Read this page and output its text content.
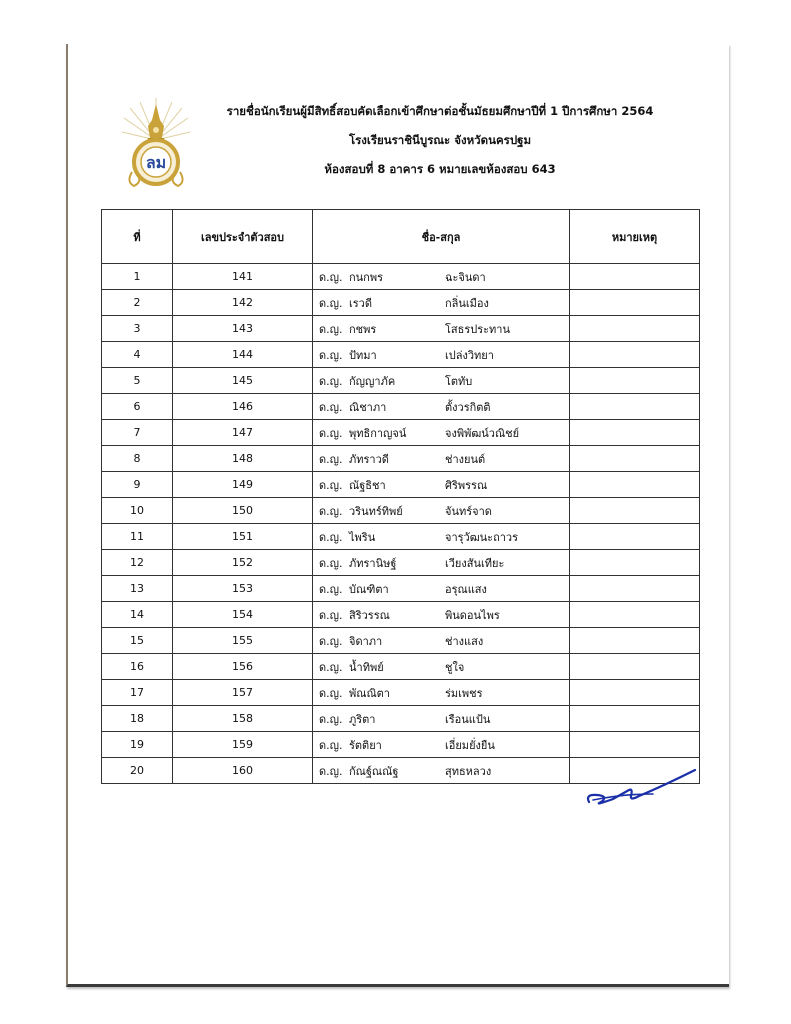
ลม
รายชื่อนักเรียนผู้มีสิทธิ์สอบคัดเลือกเข้าศึกษาต่อชั้นมัธยมศึกษาปีที่ 1 ปีการศึกษา 2564
โรงเรียนราชินีบูรณะ จังหวัดนครปฐม
ห้องสอบที่ 8 อาคาร 6 หมายเลขห้องสอบ 643
ที่	เลขประจำตัวสอบ	ชื่อ-สกุล	หมายเหตุ
1	141	ด.ญ. กนกพร ฉะจินดา	
2	142	ด.ญ. เรวดี กลิ่นเมือง	
3	143	ด.ญ. กชพร โสธรประทาน	
4	144	ด.ญ. ปัทมา เปล่งวิทยา	
5	145	ด.ญ. กัญญาภัค โตทับ	
6	146	ด.ญ. ณิชาภา ตั้งวรกิตติ	
7	147	ด.ญ. พุทธิกาญจน์ จงพิพัฒน์วณิชย์	
8	148	ด.ญ. ภัทราวดี ช่างยนต์	
9	149	ด.ญ. ณัฐธิชา ศิริพรรณ	
10	150	ด.ญ. วรินทร์ทิพย์ จันทร์จาด	
11	151	ด.ญ. ไพริน จารุวัฒนะถาวร	
12	152	ด.ญ. ภัทรานิษฐ์ เวียงสันเทียะ	
13	153	ด.ญ. บัณฑิตา อรุณแสง	
14	154	ด.ญ. สิริวรรณ พินดอนไพร	
15	155	ด.ญ. จิดาภา ช่างแสง	
16	156	ด.ญ. น้ำทิพย์ ชูใจ	
17	157	ด.ญ. พัณณิตา ร่มเพชร	
18	158	ด.ญ. ภูริตา เรือนแป้น	
19	159	ด.ญ. รัตติยา เอี่ยมยั่งยืน	
20	160	ด.ญ. กัณฐ์ณณัฐ สุทธหลวง	
